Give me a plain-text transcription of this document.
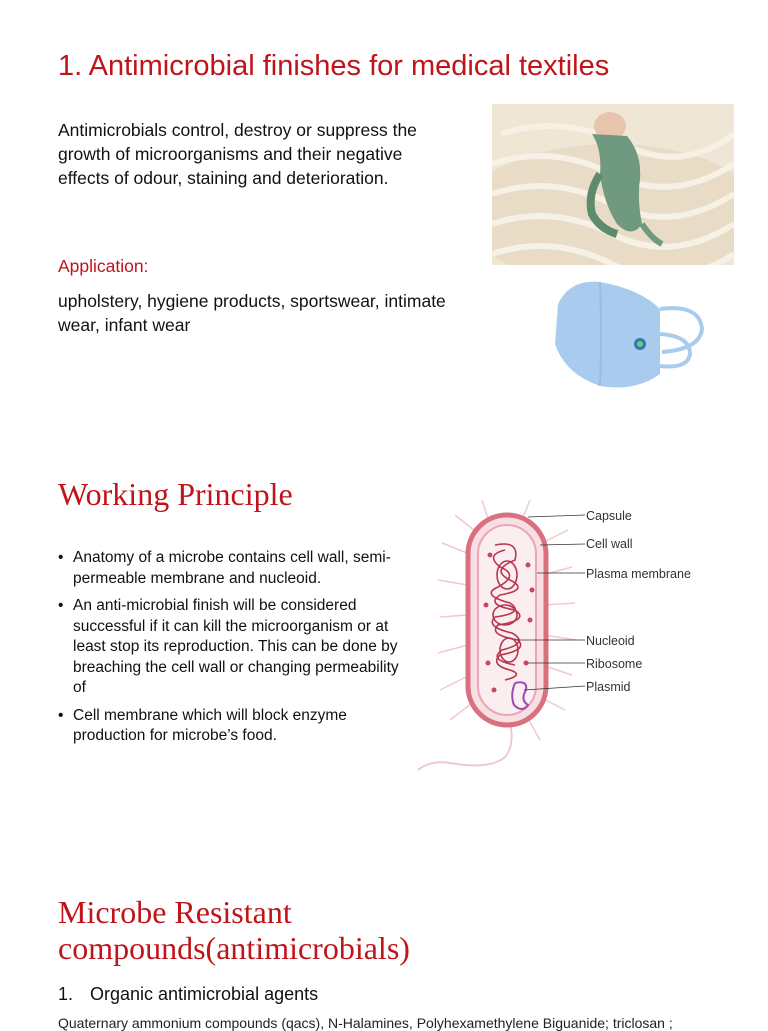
1. Antimicrobial finishes for medical textiles
Antimicrobials control, destroy or suppress the growth of microorganisms and their negative effects of odour, staining and deterioration.
Application:
upholstery, hygiene products, sportswear, intimate wear, infant wear
Working Principle
• Anatomy of a microbe contains cell wall, semi-permeable membrane and nucleoid.
• An anti-microbial finish will be considered successful if it can kill the microorganism or at least stop its reproduction. This can be done by breaching the cell wall or changing permeability of
• Cell membrane which will block enzyme production for microbe’s food.
Capsule
Cell wall
Plasma membrane
Nucleoid
Ribosome
Plasmid
Microbe Resistant compounds(antimicrobials)
1. Organic antimicrobial agents
Quaternary ammonium compounds (qacs), N-Halamines, Polyhexamethylene Biguanide; triclosan ;
